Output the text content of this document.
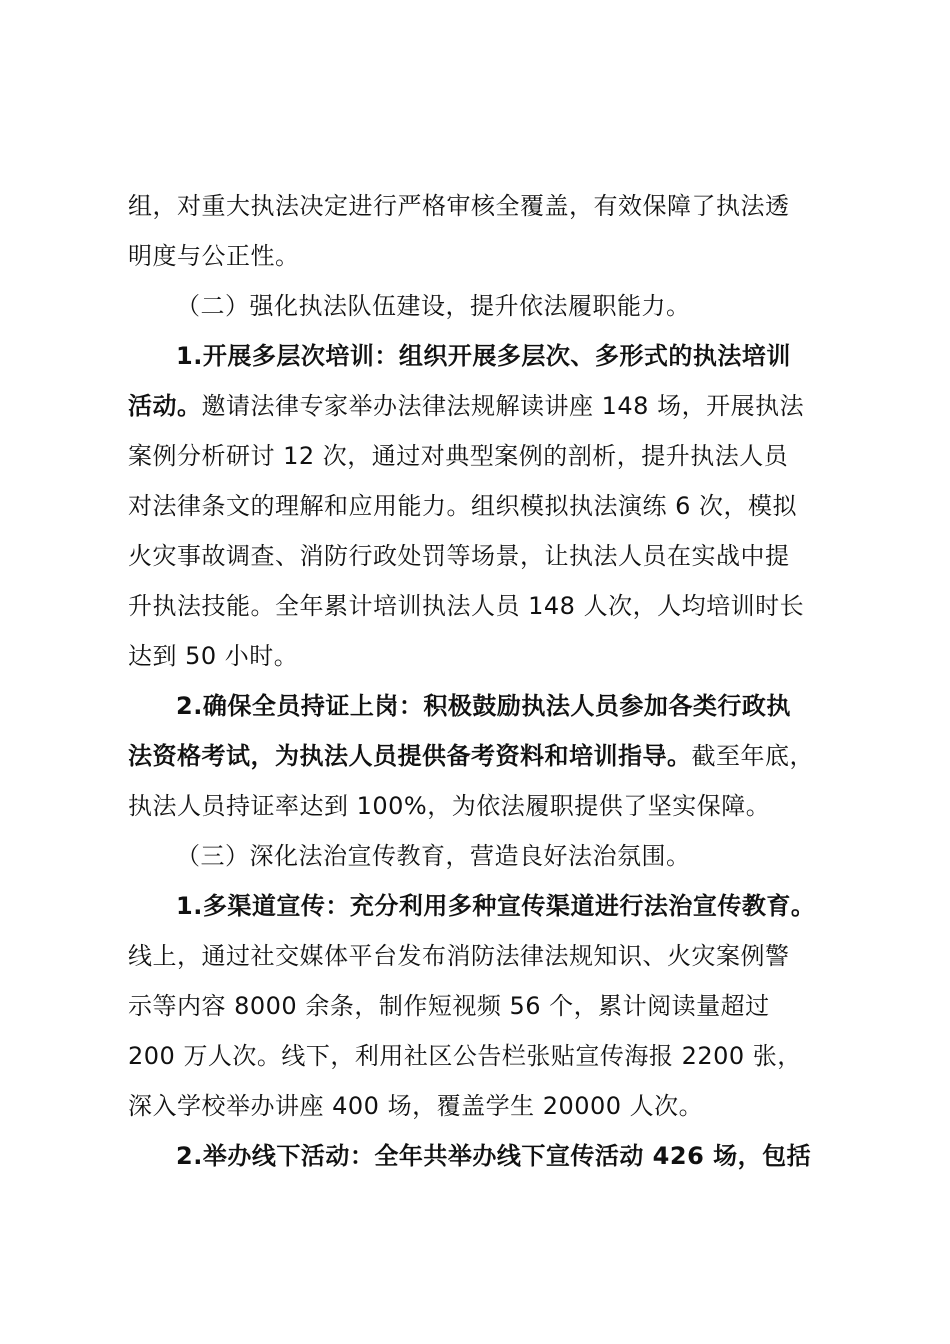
组，对重大执法决定进行严格审核全覆盖，有效保障了执法透
明度与公正性。
（二）强化执法队伍建设，提升依法履职能力。
1.开展多层次培训：组织开展多层次、多形式的执法培训
活动。邀请法律专家举办法律法规解读讲座 148 场，开展执法
案例分析研讨 12 次，通过对典型案例的剖析，提升执法人员
对法律条文的理解和应用能力。组织模拟执法演练 6 次，模拟
火灾事故调查、消防行政处罚等场景，让执法人员在实战中提
升执法技能。全年累计培训执法人员 148 人次，人均培训时长
达到 50 小时。
2.确保全员持证上岗：积极鼓励执法人员参加各类行政执
法资格考试，为执法人员提供备考资料和培训指导。截至年底，
执法人员持证率达到 100%，为依法履职提供了坚实保障。
（三）深化法治宣传教育，营造良好法治氛围。
1.多渠道宣传：充分利用多种宣传渠道进行法治宣传教育。
线上，通过社交媒体平台发布消防法律法规知识、火灾案例警
示等内容 8000 余条，制作短视频 56 个，累计阅读量超过
200 万人次。线下，利用社区公告栏张贴宣传海报 2200 张，
深入学校举办讲座 400 场，覆盖学生 20000 人次。
2.举办线下活动：全年共举办线下宣传活动 426 场，包括
